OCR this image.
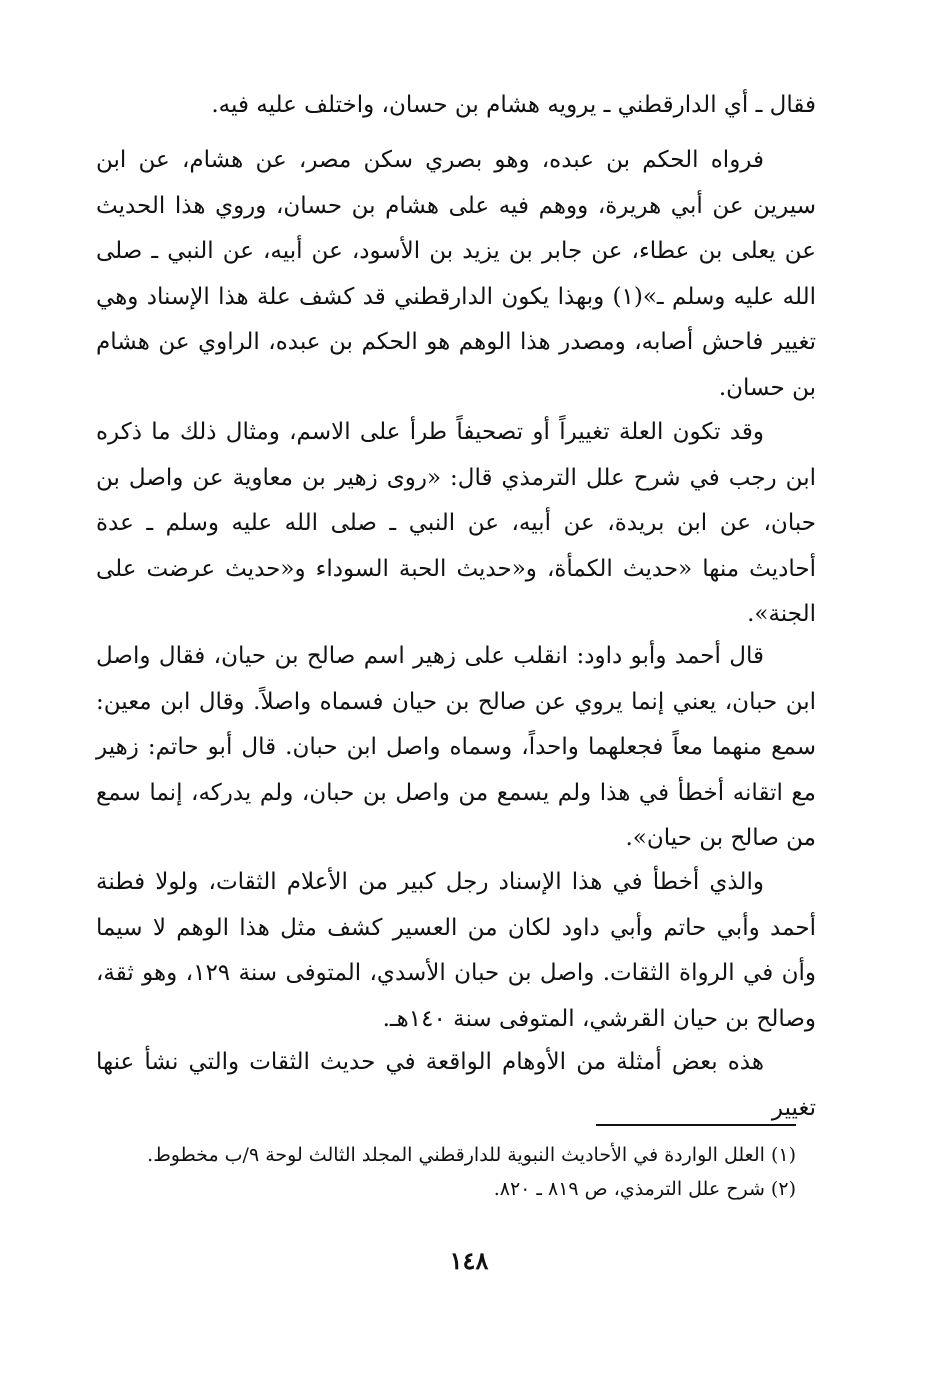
فقال ـ أي الدارقطني ـ يرويه هشام بن حسان، واختلف عليه فيه.

فرواه الحكم بن عبده، وهو بصري سكن مصر، عن هشام، عن ابن سيرين عن أبي هريرة، ووهم فيه على هشام بن حسان، وروي هذا الحديث عن يعلى بن عطاء، عن جابر بن يزيد بن الأسود، عن أبيه، عن النبي ـ صلى الله عليه وسلم ـ»(١) وبهذا يكون الدارقطني قد كشف علة هذا الإسناد وهي تغيير فاحش أصابه، ومصدر هذا الوهم هو الحكم بن عبده، الراوي عن هشام بن حسان.

وقد تكون العلة تغييراً أو تصحيفاً طرأ على الاسم، ومثال ذلك ما ذكره ابن رجب في شرح علل الترمذي قال: «روى زهير بن معاوية عن واصل بن حبان، عن ابن بريدة، عن أبيه، عن النبي ـ صلى الله عليه وسلم ـ عدة أحاديث منها «حديث الكمأة، و«حديث الحبة السوداء و«حديث عرضت على الجنة».

قال أحمد وأبو داود: انقلب على زهير اسم صالح بن حيان، فقال واصل ابن حبان، يعني إنما يروي عن صالح بن حيان فسماه واصلاً. وقال ابن معين: سمع منهما معاً فجعلهما واحداً، وسماه واصل ابن حبان. قال أبو حاتم: زهير مع اتقانه أخطأ في هذا ولم يسمع من واصل بن حبان، ولم يدركه، إنما سمع من صالح بن حيان».

والذي أخطأ في هذا الإسناد رجل كبير من الأعلام الثقات، ولولا فطنة أحمد وأبي حاتم وأبي داود لكان من العسير كشف مثل هذا الوهم لا سيما وأن في الرواة الثقات. واصل بن حبان الأسدي، المتوفى سنة ١٢٩، وهو ثقة، وصالح بن حيان القرشي، المتوفى سنة ١٤٠هـ.

هذه بعض أمثلة من الأوهام الواقعة في حديث الثقات والتي نشأ عنها تغيير

(١) العلل الواردة في الأحاديث النبوية للدارقطني المجلد الثالث لوحة ٩/ب مخطوط.
(٢) شرح علل الترمذي، ص ٨١٩ ـ ٨٢٠.
١٤٨
